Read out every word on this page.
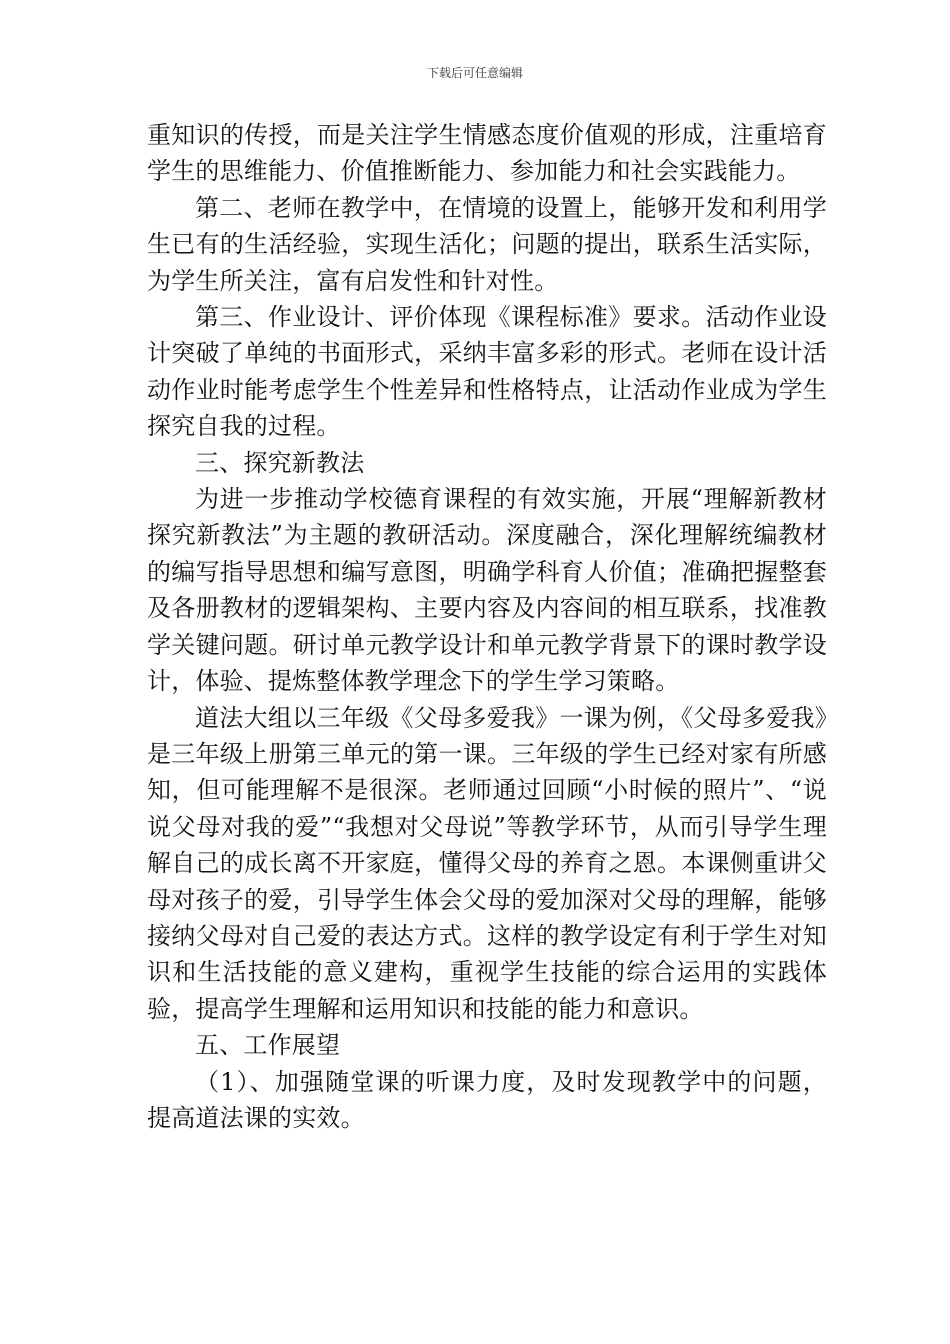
下载后可任意编辑

重知识的传授，而是关注学生情感态度价值观的形成，注重培育学生的思维能力、价值推断能力、参加能力和社会实践能力。

第二、老师在教学中，在情境的设置上，能够开发和利用学生已有的生活经验，实现生活化；问题的提出，联系生活实际，为学生所关注，富有启发性和针对性。

第三、作业设计、评价体现《课程标准》要求。活动作业设计突破了单纯的书面形式，采纳丰富多彩的形式。老师在设计活动作业时能考虑学生个性差异和性格特点，让活动作业成为学生探究自我的过程。

三、探究新教法

为进一步推动学校德育课程的有效实施，开展“理解新教材 探究新教法”为主题的教研活动。深度融合，深化理解统编教材的编写指导思想和编写意图，明确学科育人价值；准确把握整套及各册教材的逻辑架构、主要内容及内容间的相互联系，找准教学关键问题。研讨单元教学设计和单元教学背景下的课时教学设计，体验、提炼整体教学理念下的学生学习策略。

道法大组以三年级《父母多爱我》一课为例，《父母多爱我》是三年级上册第三单元的第一课。三年级的学生已经对家有所感知，但可能理解不是很深。老师通过回顾“小时候的照片”、“说说父母对我的爱”“我想对父母说”等教学环节，从而引导学生理解自己的成长离不开家庭，懂得父母的养育之恩。本课侧重讲父母对孩子的爱，引导学生体会父母的爱加深对父母的理解，能够接纳父母对自己爱的表达方式。这样的教学设定有利于学生对知识和生活技能的意义建构，重视学生技能的综合运用的实践体验，提高学生理解和运用知识和技能的能力和意识。

五、工作展望

（1）、加强随堂课的听课力度，及时发现教学中的问题，提高道法课的实效。
